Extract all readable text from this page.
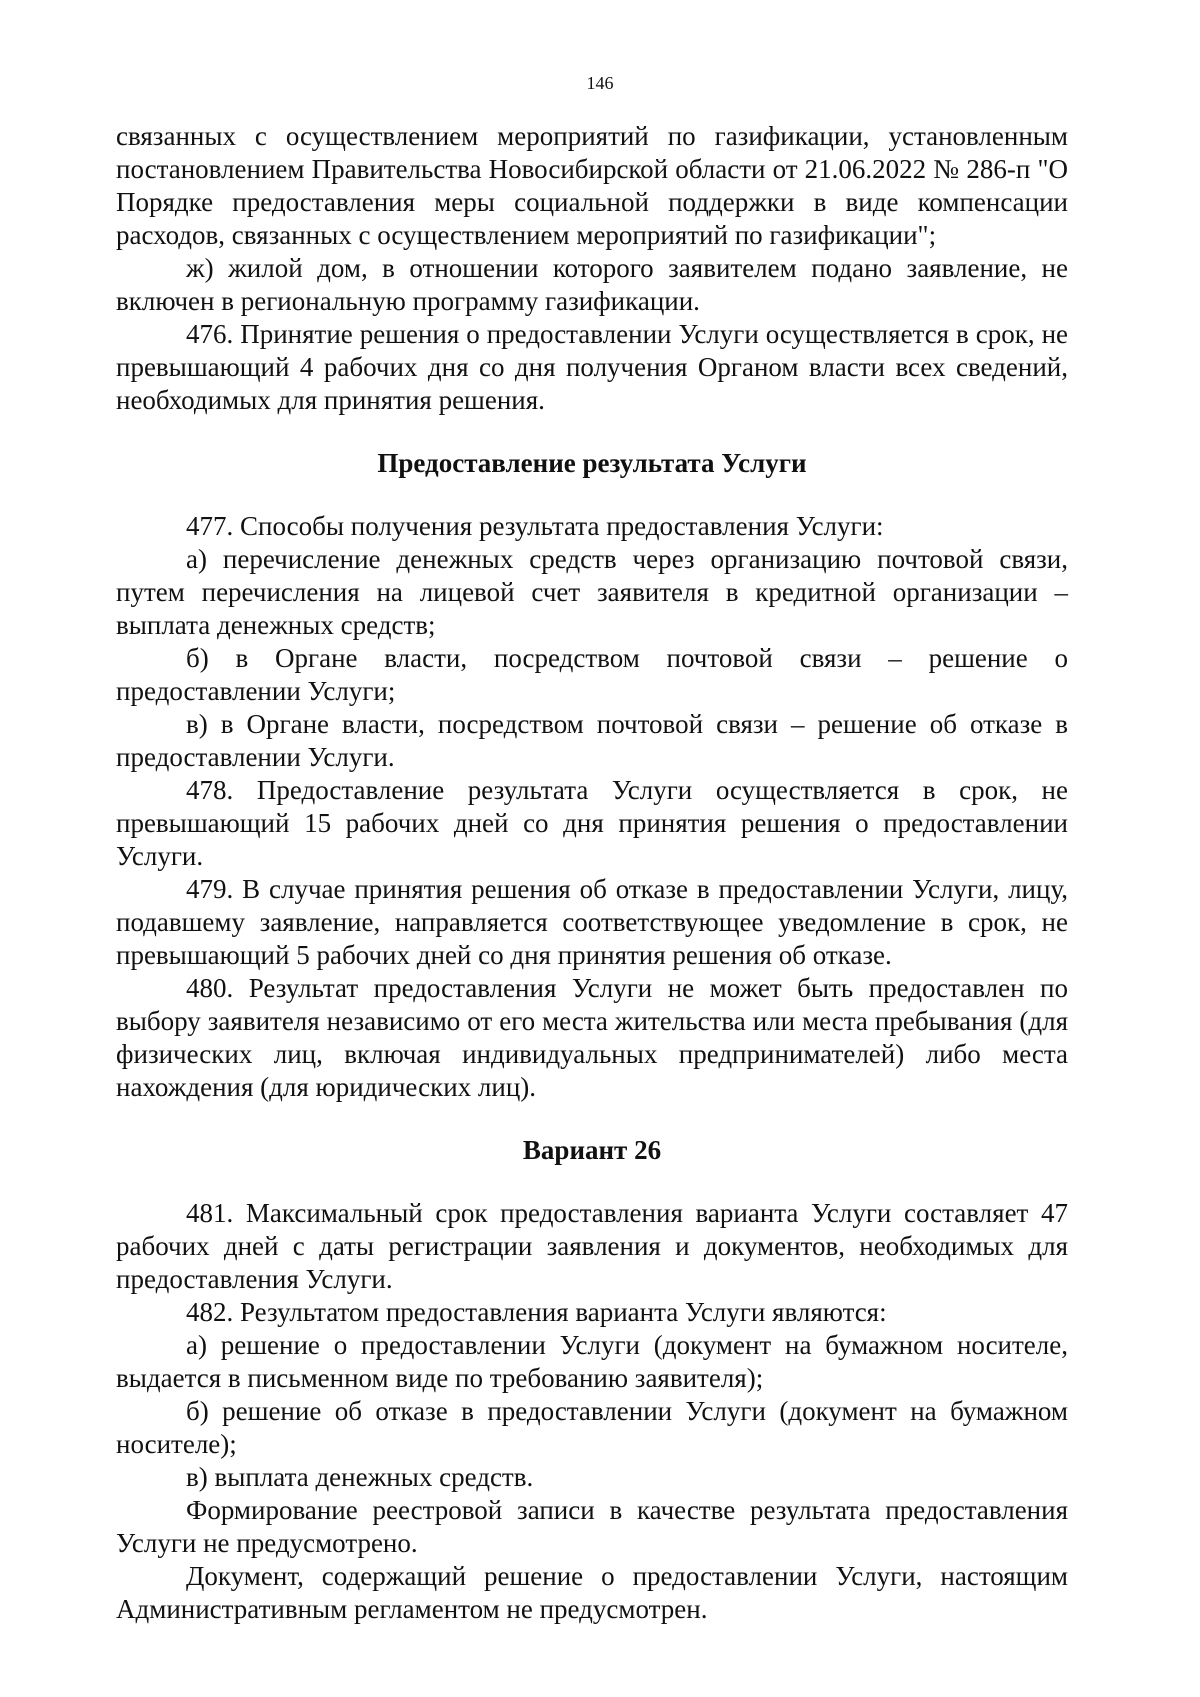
146

связанных с осуществлением мероприятий по газификации, установленным постановлением Правительства Новосибирской области от 21.06.2022 № 286-п "О Порядке предоставления меры социальной поддержки в виде компенсации расходов, связанных с осуществлением мероприятий по газификации";

ж) жилой дом, в отношении которого заявителем подано заявление, не включен в региональную программу газификации.

476. Принятие решения о предоставлении Услуги осуществляется в срок, не превышающий 4 рабочих дня со дня получения Органом власти всех сведений, необходимых для принятия решения.

Предоставление результата Услуги

477. Способы получения результата предоставления Услуги:

а) перечисление денежных средств через организацию почтовой связи, путем перечисления на лицевой счет заявителя в кредитной организации – выплата денежных средств;

б) в Органе власти, посредством почтовой связи – решение о предоставлении Услуги;

в) в Органе власти, посредством почтовой связи – решение об отказе в предоставлении Услуги.

478. Предоставление результата Услуги осуществляется в срок, не превышающий 15 рабочих дней со дня принятия решения о предоставлении Услуги.

479. В случае принятия решения об отказе в предоставлении Услуги, лицу, подавшему заявление, направляется соответствующее уведомление в срок, не превышающий 5 рабочих дней со дня принятия решения об отказе.

480. Результат предоставления Услуги не может быть предоставлен по выбору заявителя независимо от его места жительства или места пребывания (для физических лиц, включая индивидуальных предпринимателей) либо места нахождения (для юридических лиц).

Вариант 26

481. Максимальный срок предоставления варианта Услуги составляет 47 рабочих дней с даты регистрации заявления и документов, необходимых для предоставления Услуги.

482. Результатом предоставления варианта Услуги являются:

а) решение о предоставлении Услуги (документ на бумажном носителе, выдается в письменном виде по требованию заявителя);

б) решение об отказе в предоставлении Услуги (документ на бумажном носителе);

в) выплата денежных средств.

Формирование реестровой записи в качестве результата предоставления Услуги не предусмотрено.

Документ, содержащий решение о предоставлении Услуги, настоящим Административным регламентом не предусмотрен.
